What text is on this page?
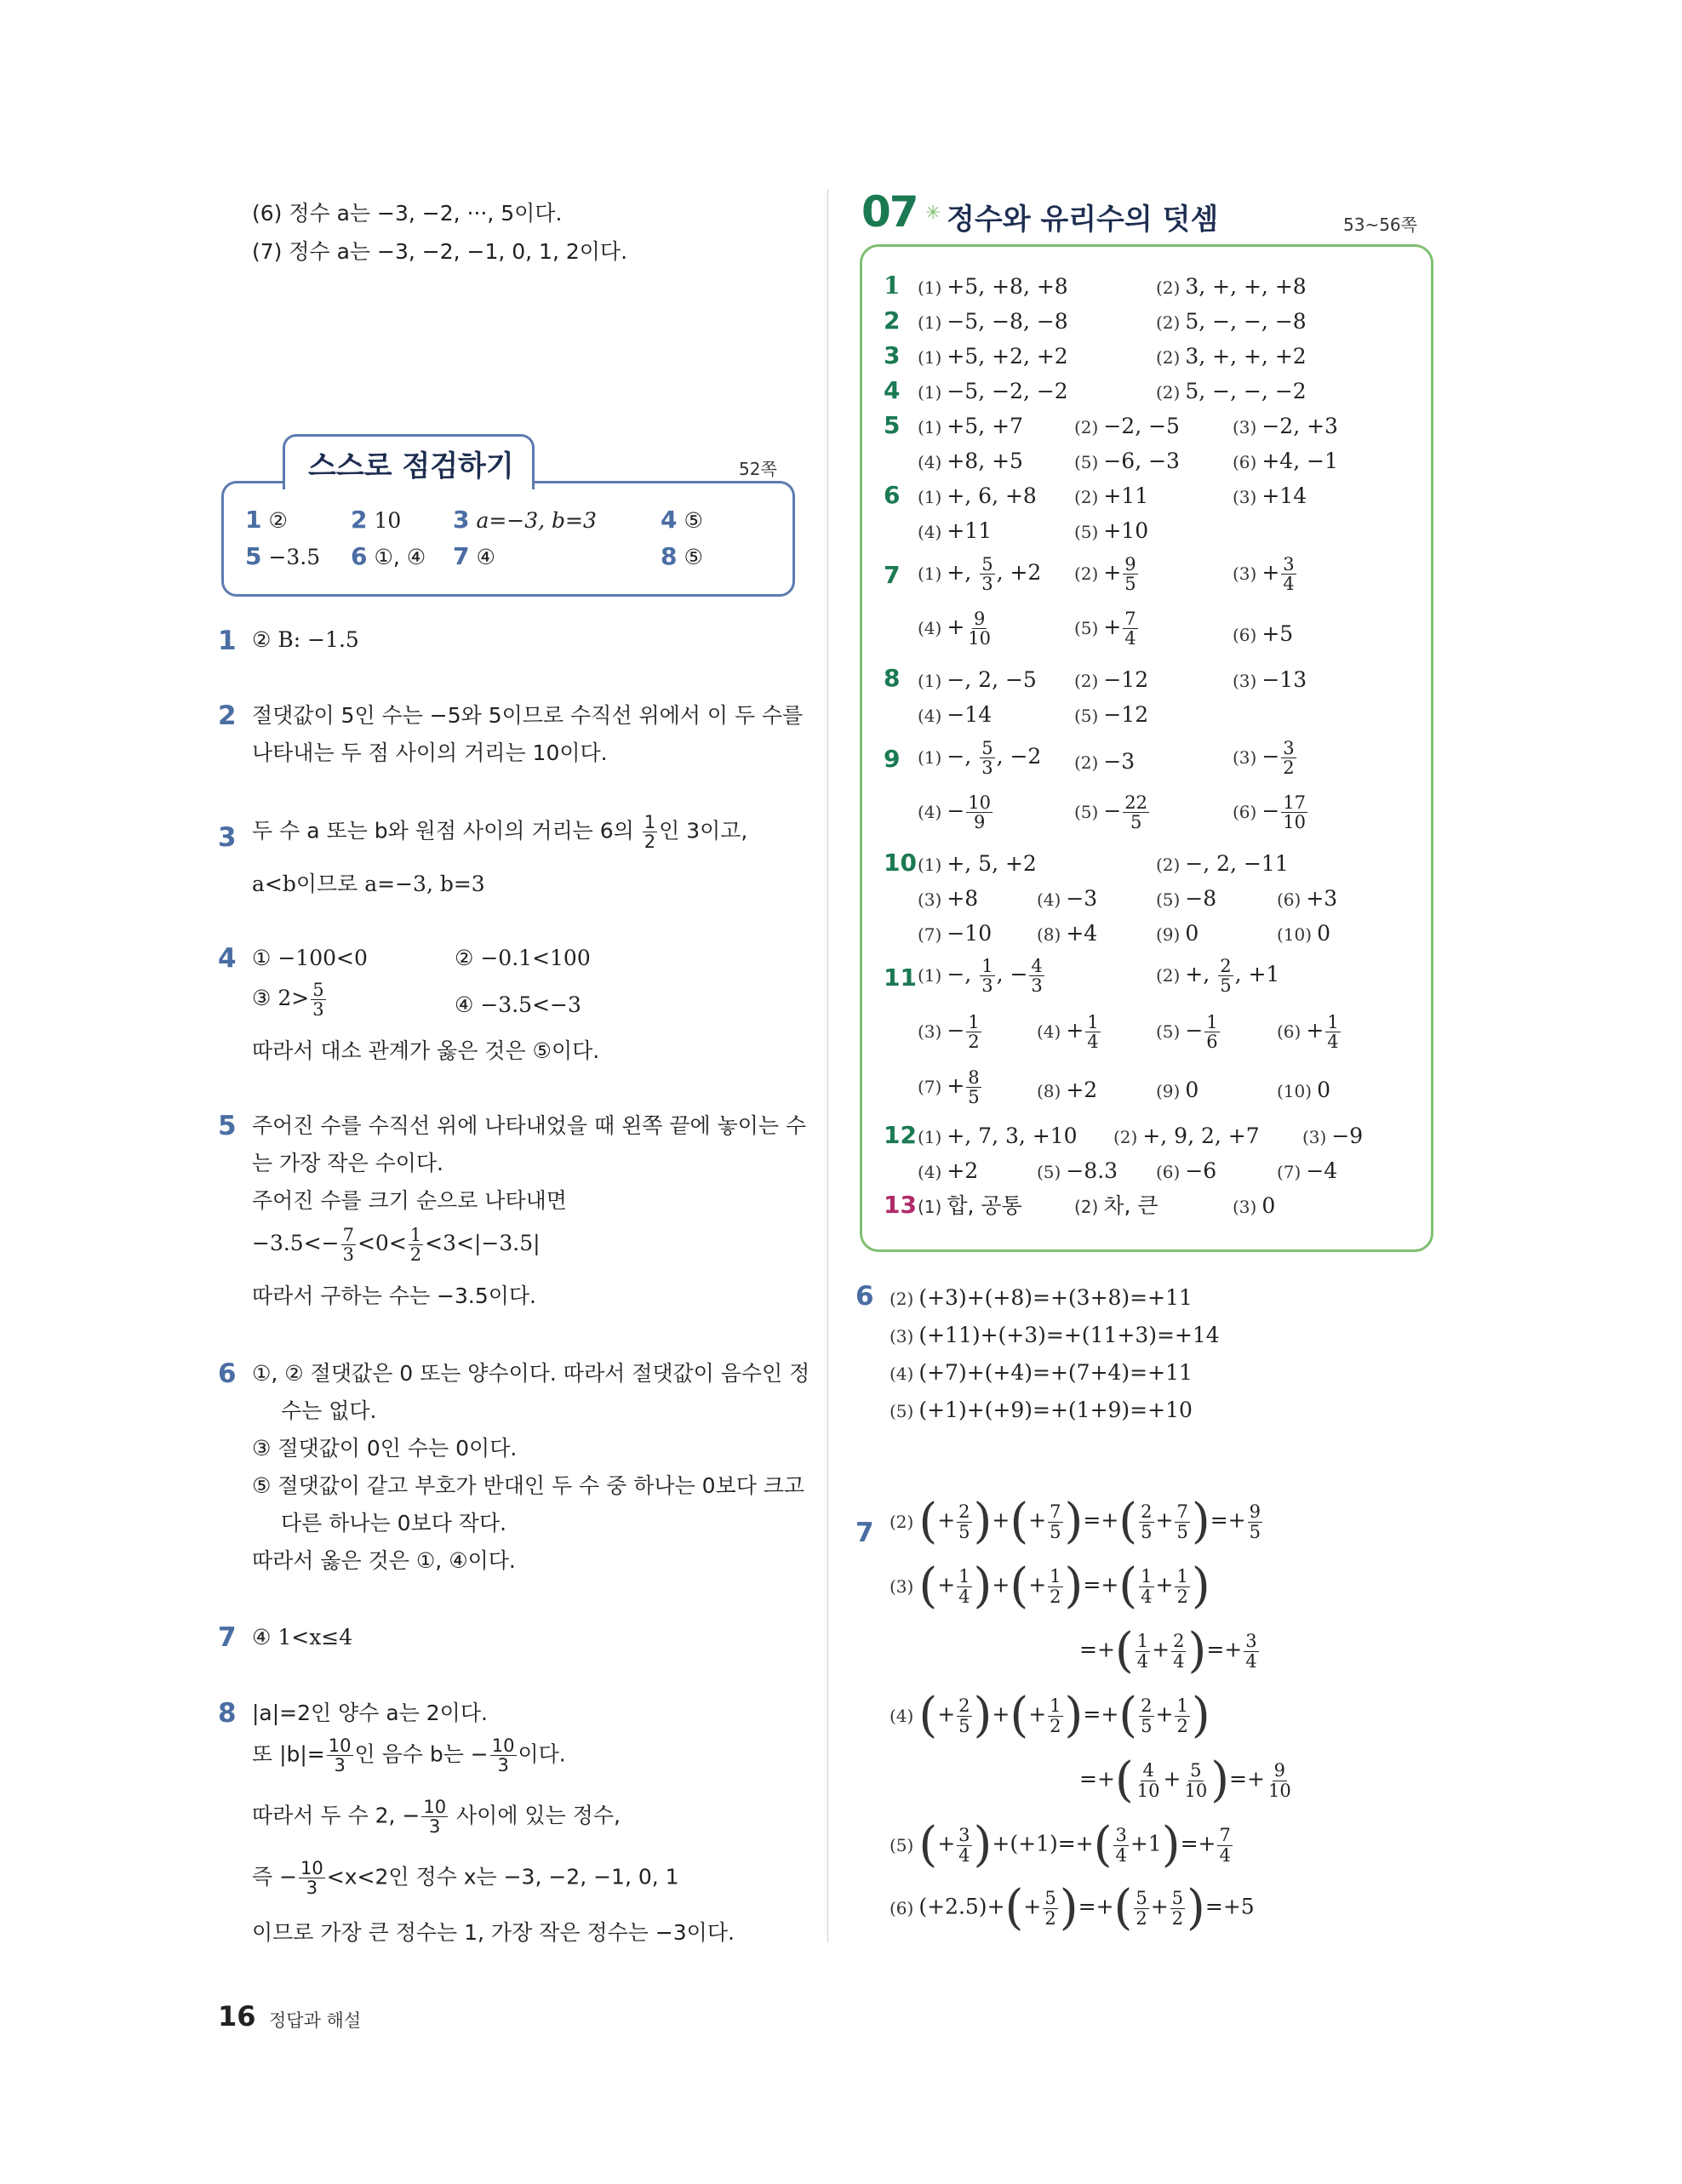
(6) 정수 a는 −3, −2, ···, 5이다.
(7) 정수 a는 −3, −2, −1, 0, 1, 2이다.
스스로 점검하기	52쪽
1 ②	2 10 3 a=−3, b=3	4 ⑤
5 −3.5 6 ①, ④ 7 ④	8 ⑤
1 ② B: −1.5
2 절댓값이 5인 수는 −5와 5이므로 수직선 위에서 이 두 수를
나타내는 두 점 사이의 거리는 10이다.
3 두 수 a 또는 b와 원점 사이의 거리는 6의 $\frac{1}{2}$ 인 3이고,
a<b이므로 a=−3, b=3
4 ① −100<0	② −0.1<100
③ $2> \frac{5}{3}$	④ −3.5<−3
따라서 대소 관계가 옳은 것은 ⑤이다.
5 주어진 수를 수직선 위에 나타내었을 때 왼쪽 끝에 놓이는 수
는 가장 작은 수이다.
주어진 수를 크기 순으로 나타내면
$-3.5<- \frac{7}{3} <0< \frac{1}{2} <3<|-3.5|$
따라서 구하는 수는 −3.5이다.
6 ①, ② 절댓값은 0 또는 양수이다. 따라서 절댓값이 음수인 정
수는 없다.
③ 절댓값이 0인 수는 0이다.
⑤ 절댓값이 같고 부호가 반대인 두 수 중 하나는 0보다 크고
다른 하나는 0보다 작다.
따라서 옳은 것은 ①, ④이다.
7 ④ 1<x≤4
8 |a|=2인 양수 a는 2이다.
또 $|b|= \frac{10}{3}$ 인 음수 b는 − $\frac{10}{3}$ 이다.
따라서 두 수 2, − $\frac{10}{3}$ 사이에 있는 정수,
즉 − $\frac{10}{3} <x<2$인 정수 x는 −3, −2, −1, 0, 1
이므로 가장 큰 정수는 1, 가장 작은 정수는 −3이다.
16 정답과 해설
07 ✳ 정수와 유리수의 덧셈	53~56쪽
1 (1) +5, +8, +8	(2) 3, +, +, +8
2 (1) −5, −8, −8	(2) 5, −, −, −8
3 (1) +5, +2, +2	(2) 3, +, +, +2
4 (1) −5, −2, −2	(2) 5, −, −, −2
5 (1) +5, +7	(2) −2, −5	(3) −2, +3
(4) +8, +5	(5) −6, −3	(6) +4, −1
6 (1) +, 6, +8 (2) +11	(3) +14
(4) +11	(5) +10
7 (1) +, $\frac{5}{3}$ , +2 $(2) + \frac{9}{5}$	$(3) + \frac{3}{4}$
$(4) + \frac{9}{10}$	$(5) + \frac{7}{4}$	(6) +5
8 (1) −, 2, −5 (2) −12	(3) −13
(4) −14	(5) −12
9 (1) −, $\frac{5}{3}$ , −2 (2) −3	$(3) - \frac{3}{2}$
$(4) - \frac{10}{9}$	$(5) - \frac{22}{5}$	$(6) - \frac{17}{10}$
10 (1) +, 5, +2	(2) −, 2, −11
(3) +8	(4) −3	(5) −8	(6) +3
(7) −10	(8) +4	(9) 0	(10) 0
11 (1) −, $\frac{1}{3}$ , − $\frac{4}{3}$	(2) +, $\frac{2}{5}$ , +1
$(3) - \frac{1}{2}$	$(4) + \frac{1}{4}$	$(5) - \frac{1}{6}$	$(6) + \frac{1}{4}$
$(7) + \frac{8}{5}$	(8) +2	(9) 0	(10) 0
12 (1) +, 7, 3, +10 (2) +, 9, 2, +7	(3) −9
(4) +2	(5) −8.3 (6) −6	(7) −4
13 (1) 합, 공통	(2) 차, 큰	(3) 0
6 (2) (+3)+(+8)=+(3+8)=+11
(3) (+11)+(+3)=+(11+3)=+14
(4) (+7)+(+4)=+(7+4)=+11
(5) (+1)+(+9)=+(1+9)=+10
7 (2) (+ $\frac{2}{5}$ )+(+ $\frac{7}{5}$ )=+( $\frac{2}{5} + \frac{7}{5}$ )=+ $\frac{9}{5}$
(3) (+ $\frac{1}{4}$ )+(+ $\frac{1}{2}$ )=+( $\frac{1}{4} + \frac{1}{2}$ )
=+( $\frac{1}{4} + \frac{2}{4}$ )=+ $\frac{3}{4}$
(4) (+ $\frac{2}{5}$ )+(+ $\frac{1}{2}$ )=+( $\frac{2}{5} + \frac{1}{2}$ )
=+( $\frac{4}{10} + \frac{5}{10}$ )=+ $\frac{9}{10}$
(5) (+ $\frac{3}{4} )+(+1)=+( \frac{3}{4} +1)=+ \frac{7}{4}$
(6) $(+2.5)+(+ \frac{5}{2}$ )=+( $\frac{5}{2} + \frac{5}{2} )=+5$
